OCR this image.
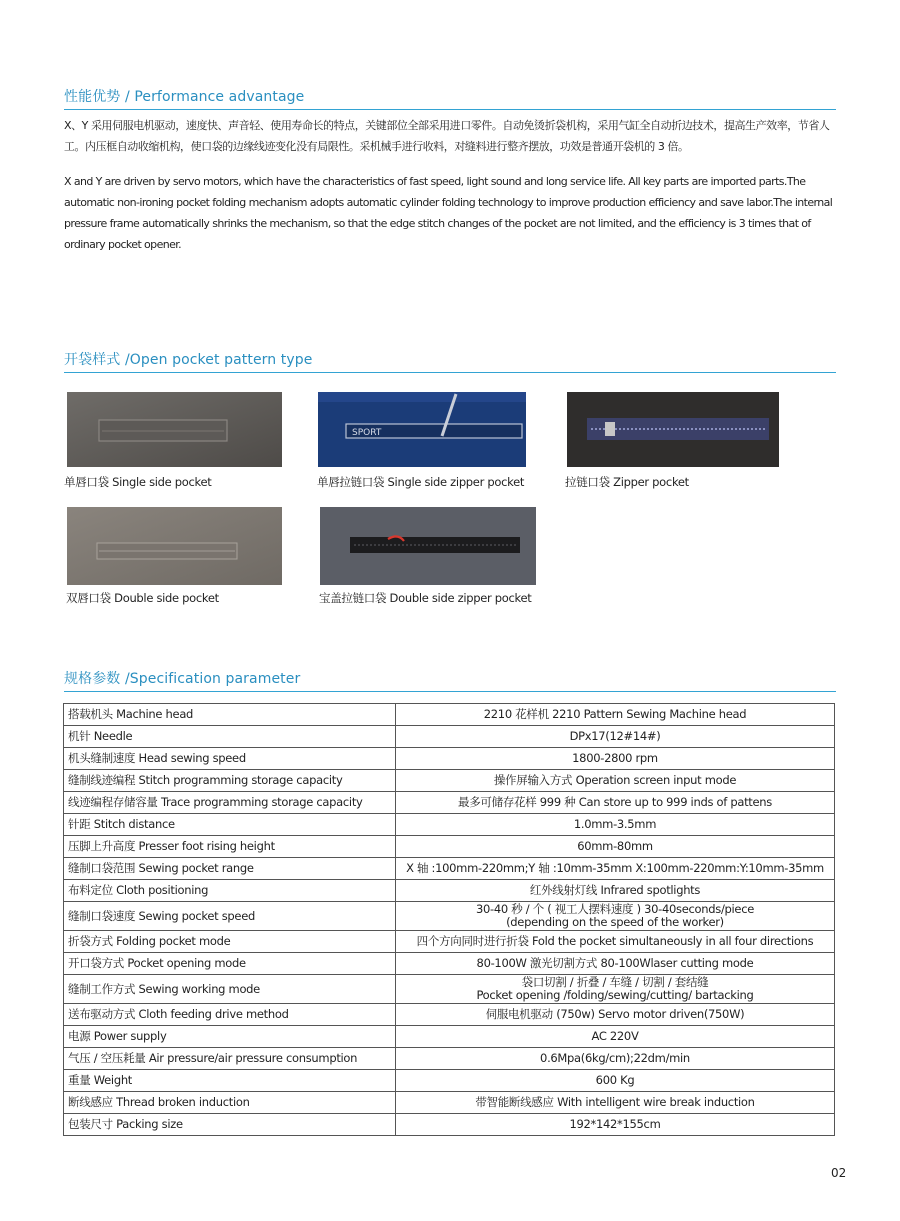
性能优势 / Performance advantage

X、Y 采用伺服电机驱动，速度快、声音轻、使用寿命长的特点，关键部位全部采用进口零件。自动免烫折袋机构，采用气缸全自动折边技术，提高生产效率，节省人工。内压框自动收缩机构，使口袋的边缘线迹变化没有局限性。采机械手进行收料，对缝料进行整齐摆放，功效是普通开袋机的 3 倍。

X and Y are driven by servo motors, which have the characteristics of fast speed, light sound and long service life. All key parts are imported parts.The automatic non-ironing pocket folding mechanism adopts automatic cylinder folding technology to improve production efficiency and save labor.The internal pressure frame automatically shrinks the mechanism, so that the edge stitch changes of the pocket are not limited, and the efficiency is 3 times that of ordinary pocket opener.

开袋样式 /Open pocket pattern type
单唇口袋 Single side pocket
SPORT
单唇拉链口袋 Single side zipper pocket	拉链口袋 Zipper pocket
双唇口袋 Double side pocket	宝盖拉链口袋 Double side zipper pocket
规格参数 /Specification parameter
搭载机头 Machine head	2210 花样机 2210 Pattern Sewing Machine head
机针 Needle	DPx17(12#14#)
机头缝制速度 Head sewing speed	1800-2800 rpm
缝制线迹编程 Stitch programming storage capacity	操作屏输入方式 Operation screen input mode
线迹编程存储容量 Trace programming storage capacity	最多可储存花样 999 种 Can store up to 999 inds of pattens
针距 Stitch distance	1.0mm-3.5mm
压脚上升高度 Presser foot rising height	60mm-80mm
缝制口袋范围 Sewing pocket range	X 轴 :100mm-220mm;Y 轴 :10mm-35mm X:100mm-220mm:Y:10mm-35mm
布料定位 Cloth positioning	红外线射灯线 Infrared spotlights
缝制口袋速度 Sewing pocket speed	30-40 秒 / 个 ( 视工人摆料速度 ) 30-40seconds/piece
(depending on the speed of the worker)

折袋方式 Folding pocket mode	四个方向同时进行折袋 Fold the pocket simultaneously in all four directions
开口袋方式 Pocket opening mode	80-100W 激光切割方式 80-100Wlaser cutting mode
缝制工作方式 Sewing working mode	袋口切割 / 折叠 / 车缝 / 切割 / 套结缝
Pocket opening /folding/sewing/cutting/ bartacking

送布驱动方式 Cloth feeding drive method	伺服电机驱动 (750w) Servo motor driven(750W)
电源 Power supply	AC 220V
气压 / 空压耗量 Air pressure/air pressure consumption	0.6Mpa(6kg/cm);22dm/min
重量 Weight	600 Kg
断线感应 Thread broken induction	带智能断线感应 With intelligent wire break induction
包装尺寸 Packing size	192*142*155cm
02
